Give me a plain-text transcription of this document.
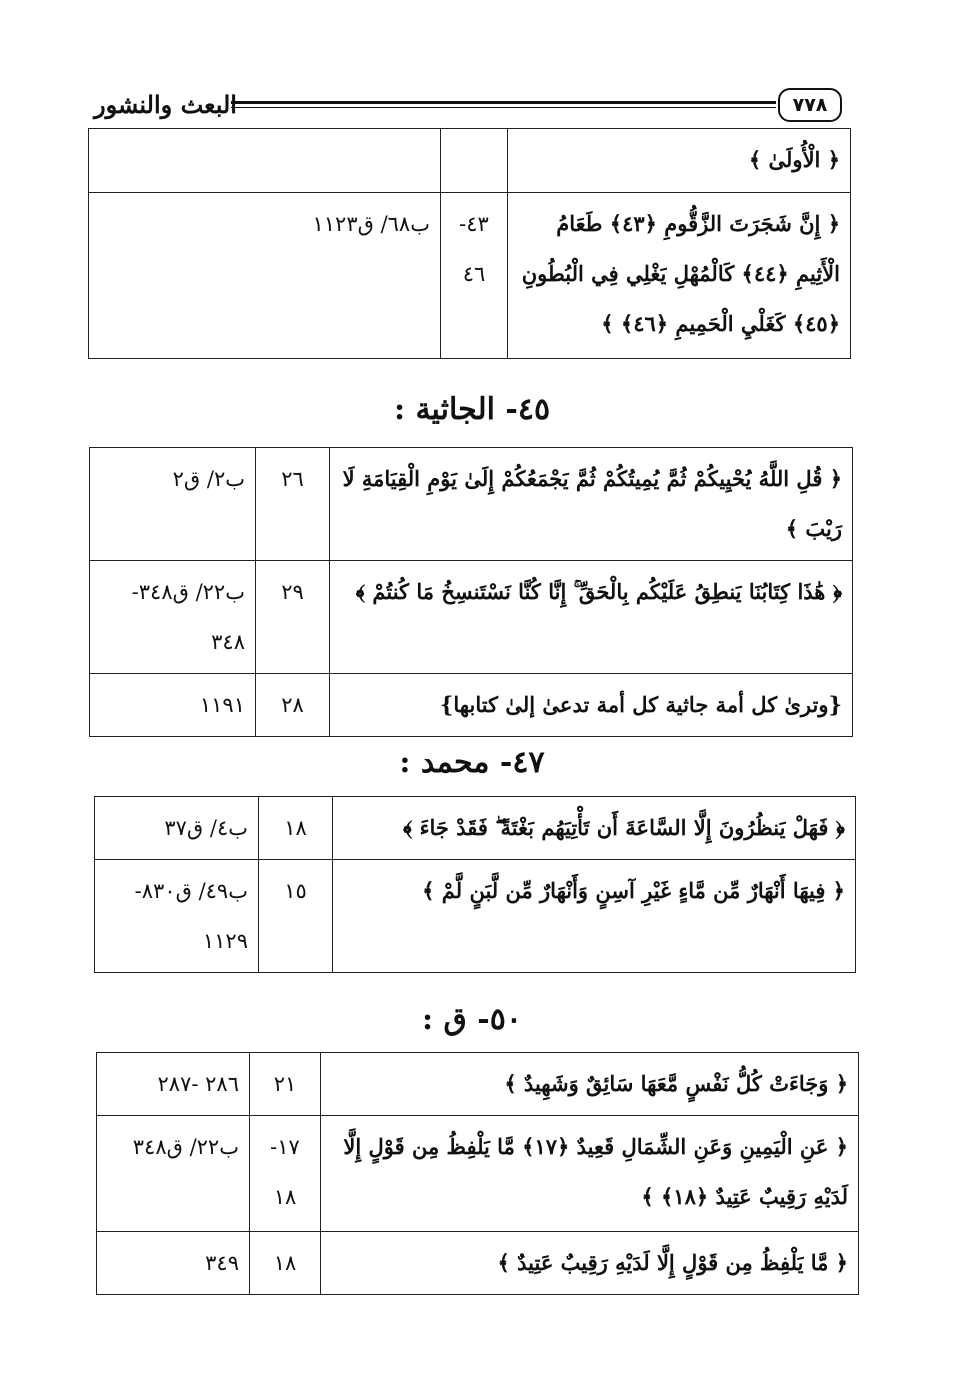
٧٧٨
البعث والنشور
﴿ الْأُولَىٰ ﴾		
﴿ إِنَّ شَجَرَتَ الزَّقُّومِ ﴿٤٣﴾ طَعَامُ الْأَثِيمِ ﴿٤٤﴾ كَالْمُهْلِ يَغْلِي فِي الْبُطُونِ ﴿٤٥﴾ كَغَلْيِ الْحَمِيمِ ﴿٤٦﴾ ﴾	٤٣- ٤٦	ب٦٨/ ق١١٢٣
٤٥- الجاثية :
﴿ قُلِ اللَّهُ يُحْيِيكُمْ ثُمَّ يُمِيتُكُمْ ثُمَّ يَجْمَعُكُمْ إِلَىٰ يَوْمِ الْقِيَامَةِ لَا رَيْبَ ﴾	٢٦	ب٢/ ق٢
﴿ هَٰذَا كِتَابُنَا يَنطِقُ عَلَيْكُم بِالْحَقِّ ۚ إِنَّا كُنَّا نَسْتَنسِخُ مَا كُنتُمْ ﴾	٢٩	ب٢٢/ ق٣٤٨- ٣٤٨
{وترىٰ كل أمة جاثية كل أمة تدعىٰ إلىٰ كتابها}	٢٨	١١٩١
٤٧- محمد :
﴿ فَهَلْ يَنظُرُونَ إِلَّا السَّاعَةَ أَن تَأْتِيَهُم بَغْتَةً ۖ فَقَدْ جَاءَ ﴾	١٨	ب٤/ ق٣٧
﴿ فِيهَا أَنْهَارٌ مِّن مَّاءٍ غَيْرِ آسِنٍ وَأَنْهَارٌ مِّن لَّبَنٍ لَّمْ ﴾	١٥	ب٤٩/ ق٨٣٠- ١١٢٩
٥٠- ق :
﴿ وَجَاءَتْ كُلُّ نَفْسٍ مَّعَهَا سَائِقٌ وَشَهِيدٌ ﴾	٢١	٢٨٦ -٢٨٧
﴿ عَنِ الْيَمِينِ وَعَنِ الشِّمَالِ قَعِيدٌ ﴿١٧﴾ مَّا يَلْفِظُ مِن قَوْلٍ إِلَّا لَدَيْهِ رَقِيبٌ عَتِيدٌ ﴿١٨﴾ ﴾	١٧- ١٨	ب٢٢/ ق٣٤٨
﴿ مَّا يَلْفِظُ مِن قَوْلٍ إِلَّا لَدَيْهِ رَقِيبٌ عَتِيدٌ ﴾	١٨	٣٤٩
